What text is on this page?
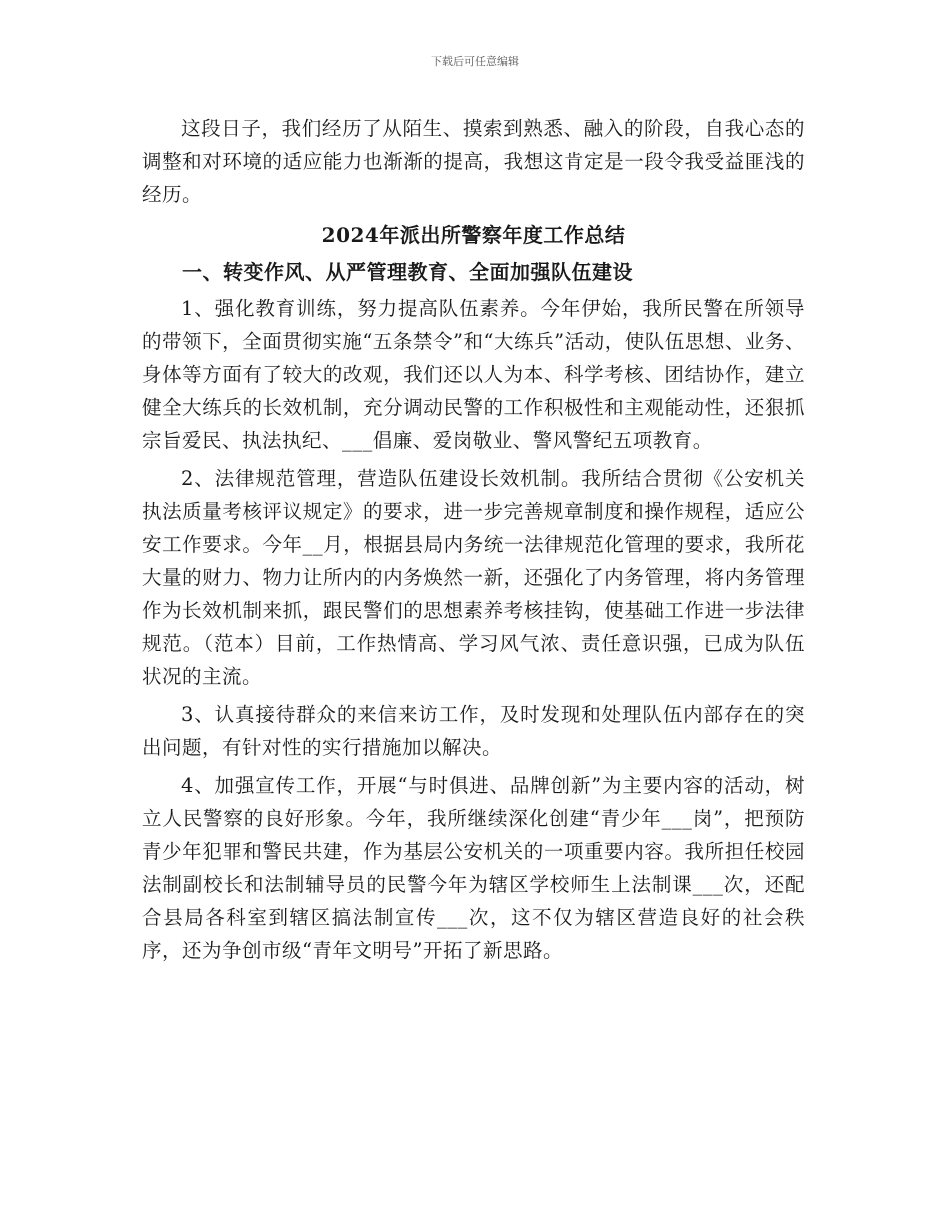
下载后可任意编辑

这段日子，我们经历了从陌生、摸索到熟悉、融入的阶段，自我心态的调整和对环境的适应能力也渐渐的提高，我想这肯定是一段令我受益匪浅的经历。

2024年派出所警察年度工作总结
一、转变作风、从严管理教育、全面加强队伍建设

1、强化教育训练，努力提高队伍素养。今年伊始，我所民警在所领导的带领下，全面贯彻实施“五条禁令”和“大练兵”活动，使队伍思想、业务、身体等方面有了较大的改观，我们还以人为本、科学考核、团结协作，建立健全大练兵的长效机制，充分调动民警的工作积极性和主观能动性，还狠抓宗旨爱民、执法执纪、___倡廉、爱岗敬业、警风警纪五项教育。

2、法律规范管理，营造队伍建设长效机制。我所结合贯彻《公安机关执法质量考核评议规定》的要求，进一步完善规章制度和操作规程，适应公安工作要求。今年__月，根据县局内务统一法律规范化管理的要求，我所花大量的财力、物力让所内的内务焕然一新，还强化了内务管理，将内务管理作为长效机制来抓，跟民警们的思想素养考核挂钩，使基础工作进一步法律规范。（范本）目前，工作热情高、学习风气浓、责任意识强，已成为队伍状况的主流。

3、认真接待群众的来信来访工作，及时发现和处理队伍内部存在的突出问题，有针对性的实行措施加以解决。

4、加强宣传工作，开展“与时俱进、品牌创新”为主要内容的活动，树立人民警察的良好形象。今年，我所继续深化创建“青少年___岗”，把预防青少年犯罪和警民共建，作为基层公安机关的一项重要内容。我所担任校园法制副校长和法制辅导员的民警今年为辖区学校师生上法制课___次，还配合县局各科室到辖区搞法制宣传___次，这不仅为辖区营造良好的社会秩序，还为争创市级“青年文明号”开拓了新思路。
